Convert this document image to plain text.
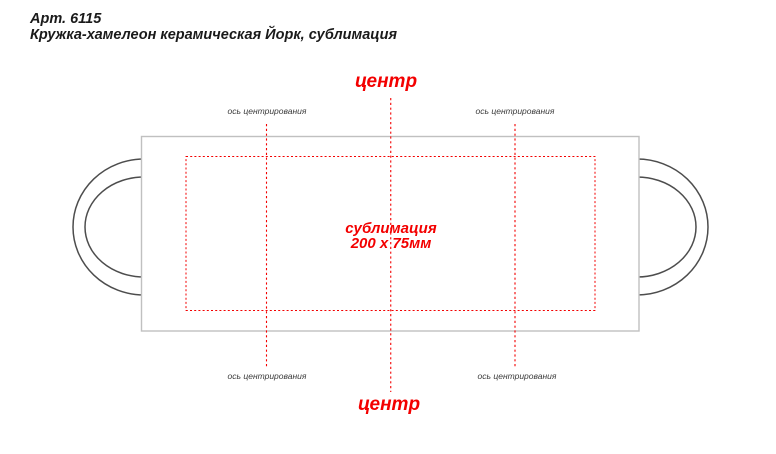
Арт. 6115
Кружка-хамелеон керамическая Йорк, сублимация
центр
центр
ось центрирования	ось центрирования
ось центрирования	ось центрирования
сублимация
200 х 75мм
